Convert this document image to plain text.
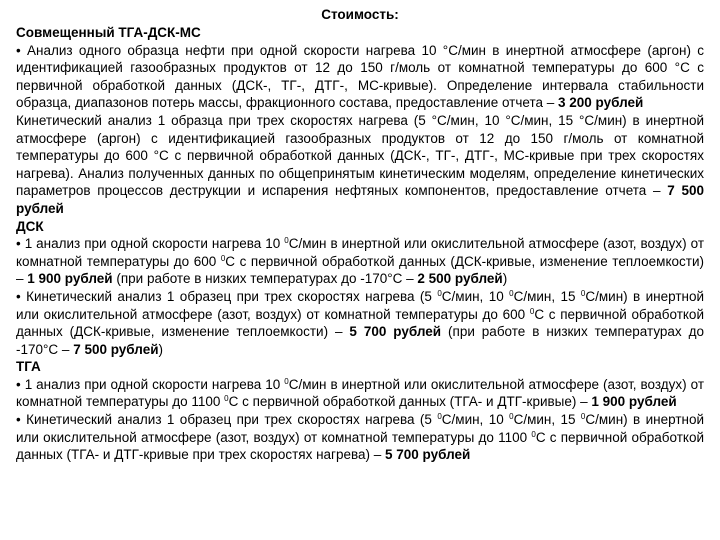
Стоимость:

Совмещенный ТГА-ДСК-МС

• Анализ одного образца нефти при одной скорости нагрева 10 °С/мин в инертной атмосфере (аргон) с идентификацией газообразных продуктов от 12 до 150 г/моль от комнатной температуры до 600 °С с первичной обработкой данных (ДСК-, ТГ-, ДТГ-, МС-кривые). Определение интервала стабильности образца, диапазонов потерь массы, фракционного состава, предоставление отчета – 3 200 рублей

Кинетический анализ 1 образца при трех скоростях нагрева (5 °С/мин, 10 °С/мин, 15 °С/мин) в инертной атмосфере (аргон) с идентификацией газообразных продуктов от 12 до 150 г/моль от комнатной температуры до 600 °С с первичной обработкой данных (ДСК-, ТГ-, ДТГ-, МС-кривые при трех скоростях нагрева). Анализ полученных данных по общепринятым кинетическим моделям, определение кинетических параметров процессов деструкции и испарения нефтяных компонентов, предоставление отчета – 7 500 рублей

ДСК

• 1 анализ при одной скорости нагрева 10 $^0$С/мин в инертной или окислительной атмосфере (азот, воздух) от комнатной температуры до 600 $^0$С с первичной обработкой данных (ДСК-кривые, изменение теплоемкости) – 1 900 рублей (при работе в низких температурах до -170°С – 2 500 рублей)

• Кинетический анализ 1 образец при трех скоростях нагрева (5 $^0$С/мин, 10 $^0$С/мин, 15 $^0$С/мин) в инертной или окислительной атмосфере (азот, воздух) от комнатной температуры до 600 $^0$С с первичной обработкой данных (ДСК-кривые, изменение теплоемкости) – 5 700 рублей (при работе в низких температурах до -170°С – 7 500 рублей)

ТГА

• 1 анализ при одной скорости нагрева 10 $^0$С/мин в инертной или окислительной атмосфере (азот, воздух) от комнатной температуры до 1100 $^0$С с первичной обработкой данных (ТГА- и ДТГ-кривые) – 1 900 рублей

• Кинетический анализ 1 образец при трех скоростях нагрева (5 $^0$С/мин, 10 $^0$С/мин, 15 $^0$С/мин) в инертной или окислительной атмосфере (азот, воздух) от комнатной температуры до 1100 $^0$С с первичной обработкой данных (ТГА- и ДТГ-кривые при трех скоростях нагрева) – 5 700 рублей
